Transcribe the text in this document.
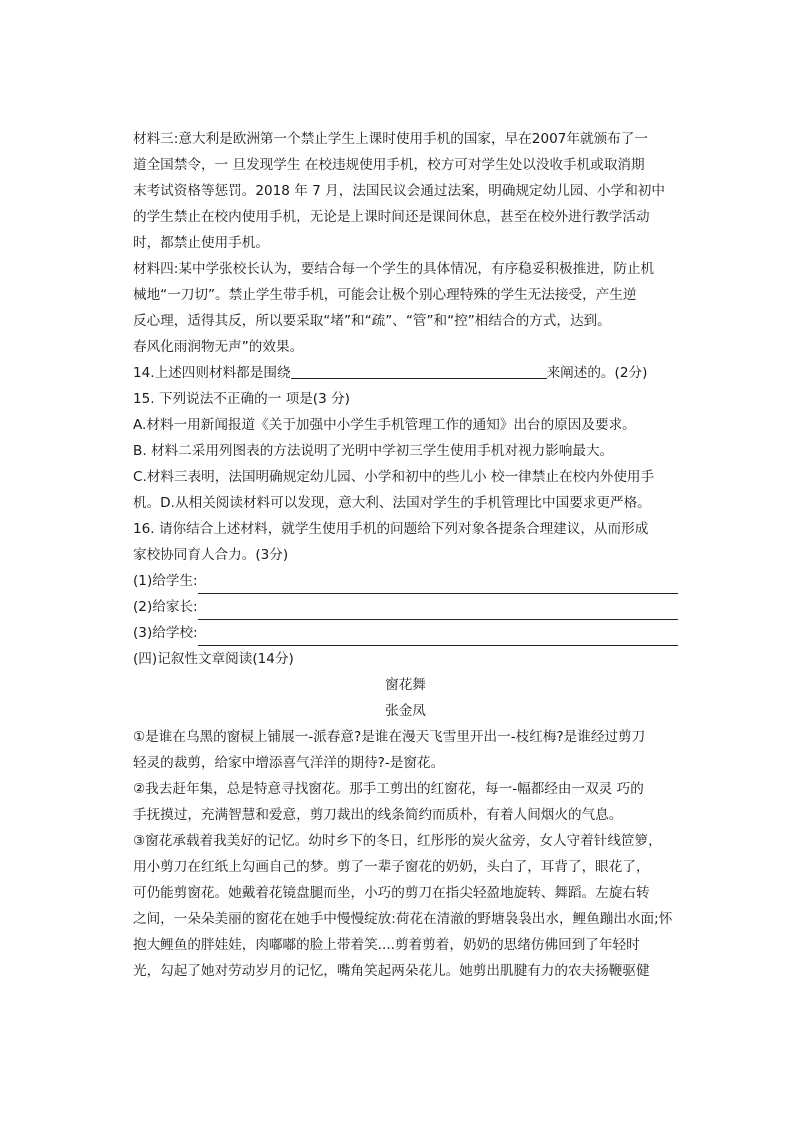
材料三:意大利是欧洲第一个禁止学生上课时使用手机的国家，早在2007年就颁布了一
道全国禁令，一 旦发现学生 在校违规使用手机，校方可对学生处以没收手机或取消期
末考试资格等惩罚。2018 年 7 月，法国民议会通过法案，明确规定幼儿园、小学和初中
的学生禁止在校内使用手机，无论是上课时间还是课间休息，甚至在校外进行教学活动
时，都禁止使用手机。
材料四:某中学张校长认为，要结合每一个学生的具体情况，有序稳妥积极推进，防止机
械地“一刀切”。禁止学生带手机，可能会让极个别心理特殊的学生无法接受，产生逆
反心理，适得其反，所以要采取“堵”和“疏”、“管”和“控”相结合的方式，达到。
春风化雨润物无声”的效果。
14.上述四则材料都是围绕	来阐述的。(2分)
15. 下列说法不正确的一 项是(3 分)
A.材料一用新闻报道《关于加强中小学生手机管理工作的通知》出台的原因及要求。
B. 材料二采用列图表的方法说明了光明中学初三学生使用手机对视力影响最大。
C.材料三表明，法国明确规定幼儿园、小学和初中的些儿小 校一律禁止在校内外使用手
机。D.从相关阅读材料可以发现，意大利、法国对学生的手机管理比中国要求更严格。
16. 请你结合上述材料，就学生使用手机的问题给下列对象各提条合理建议，从而形成
家校协同育人合力。(3分)
(1)给学生:
(2)给家长:
(3)给学校:
(四)记叙性文章阅读(14分)
窗花舞
张金凤
①是谁在乌黑的窗棂上铺展一-派春意?是谁在漫天飞雪里开出一-枝红梅?是谁经过剪刀
轻灵的裁剪，给家中增添喜气洋洋的期待?-是窗花。
②我去赶年集，总是特意寻找窗花。那手工剪出的红窗花，每一-幅都经由一双灵 巧的
手抚摸过，充满智慧和爱意，剪刀裁出的线条简约而质朴，有着人间烟火的气息。
③窗花承载着我美好的记忆。幼时乡下的冬日，红彤彤的炭火盆旁，女人守着针线笸箩，
用小剪刀在红纸上勾画自己的梦。剪了一辈子窗花的奶奶，头白了，耳背了，眼花了，
可仍能剪窗花。她戴着花镜盘腿而坐，小巧的剪刀在指尖轻盈地旋转、舞蹈。左旋右转
之间，一朵朵美丽的窗花在她手中慢慢绽放:荷花在清澈的野塘袅袅出水，鲤鱼蹦出水面;怀
抱大鲤鱼的胖娃娃，肉嘟嘟的脸上带着笑....剪着剪着，奶奶的思绪仿佛回到了年轻时
光，勾起了她对劳动岁月的记忆，嘴角笑起两朵花儿。她剪出肌腱有力的农夫扬鞭驱健
